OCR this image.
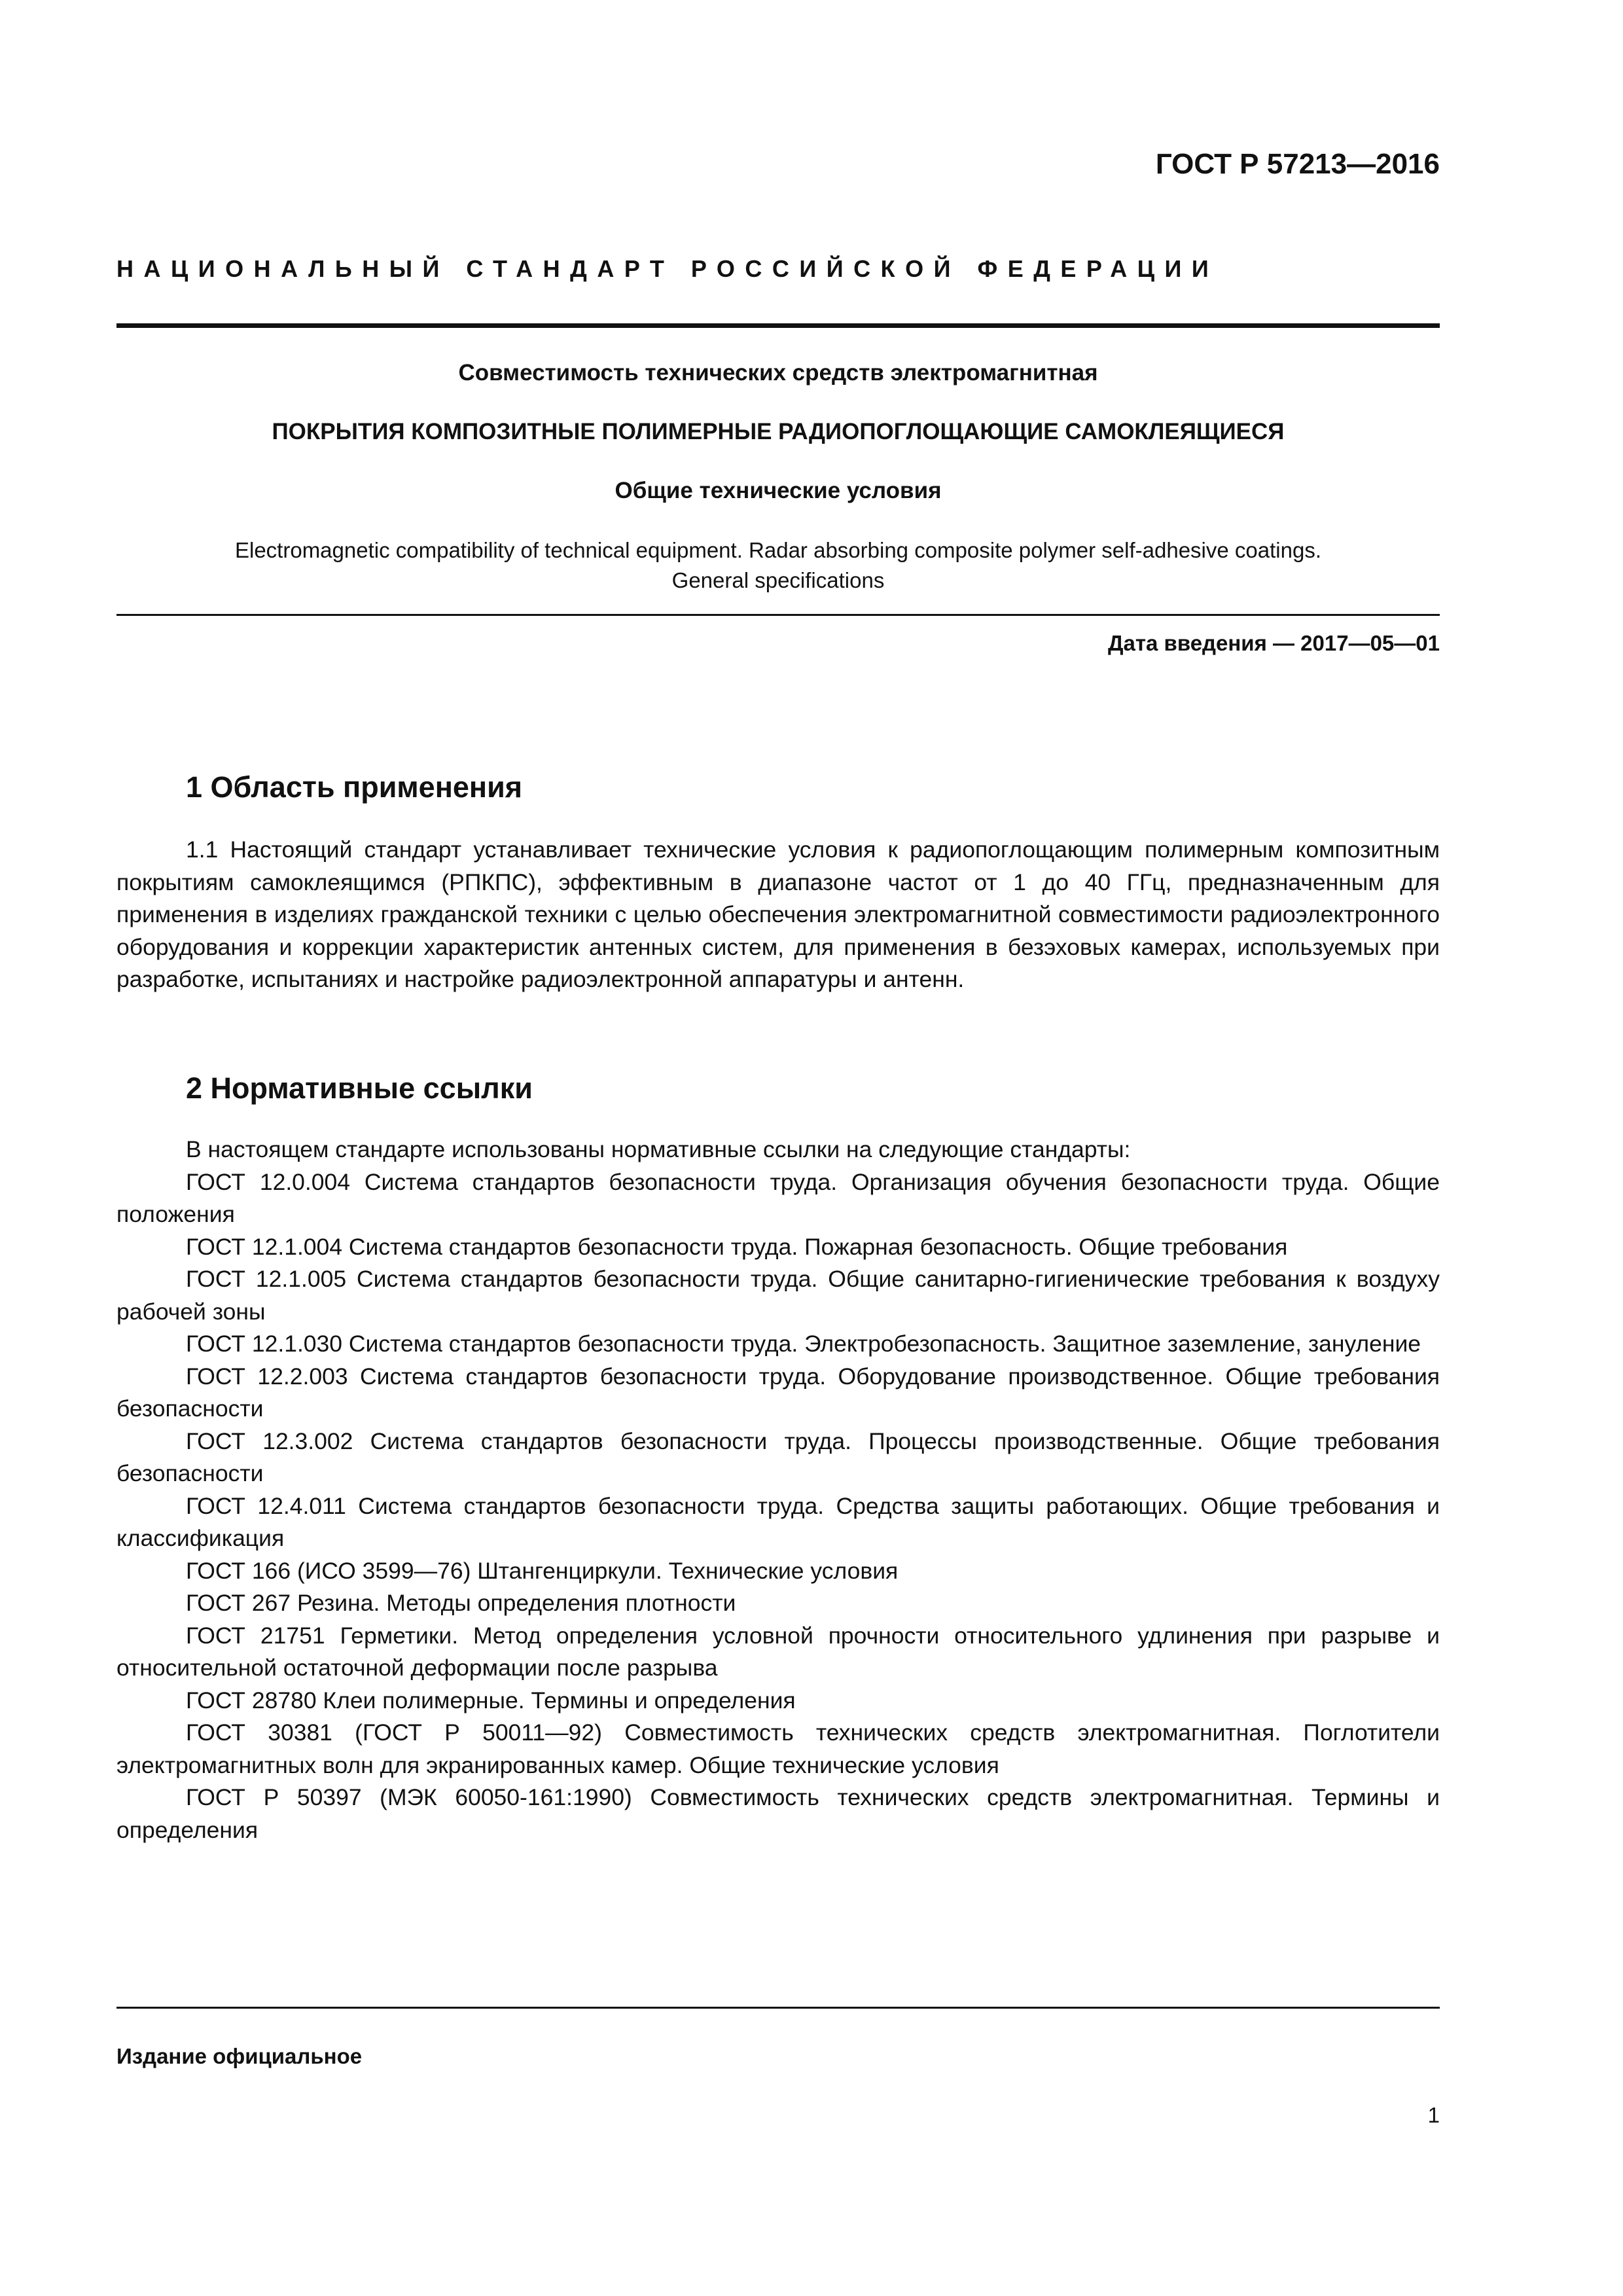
ГОСТ Р 57213—2016
НАЦИОНАЛЬНЫЙ СТАНДАРТ РОССИЙСКОЙ ФЕДЕРАЦИИ
Совместимость технических средств электромагнитная
ПОКРЫТИЯ КОМПОЗИТНЫЕ ПОЛИМЕРНЫЕ РАДИОПОГЛОЩАЮЩИЕ САМОКЛЕЯЩИЕСЯ
Общие технические условия
Electromagnetic compatibility of technical equipment. Radar absorbing composite polymer self-adhesive coatings.
General specifications
Дата введения — 2017—05—01
1 Область применения

1.1 Настоящий стандарт устанавливает технические условия к радиопоглощающим полимерным композитным покрытиям самоклеящимся (РПКПС), эффективным в диапазоне частот от 1 до 40 ГГц, предназначенным для применения в изделиях гражданской техники с целью обеспечения электромагнитной совместимости радиоэлектронного оборудования и коррекции характеристик антенных систем, для применения в безэховых камерах, используемых при разработке, испытаниях и настройке радиоэлектронной аппаратуры и антенн.

2 Нормативные ссылки

В настоящем стандарте использованы нормативные ссылки на следующие стандарты:

ГОСТ 12.0.004 Система стандартов безопасности труда. Организация обучения безопасности труда. Общие положения

ГОСТ 12.1.004 Система стандартов безопасности труда. Пожарная безопасность. Общие требования

ГОСТ 12.1.005 Система стандартов безопасности труда. Общие санитарно-гигиенические требования к воздуху рабочей зоны

ГОСТ 12.1.030 Система стандартов безопасности труда. Электробезопасность. Защитное заземление, зануление

ГОСТ 12.2.003 Система стандартов безопасности труда. Оборудование производственное. Общие требования безопасности

ГОСТ 12.3.002 Система стандартов безопасности труда. Процессы производственные. Общие требования безопасности

ГОСТ 12.4.011 Система стандартов безопасности труда. Средства защиты работающих. Общие требования и классификация

ГОСТ 166 (ИСО 3599—76) Штангенциркули. Технические условия

ГОСТ 267 Резина. Методы определения плотности

ГОСТ 21751 Герметики. Метод определения условной прочности относительного удлинения при разрыве и относительной остаточной деформации после разрыва

ГОСТ 28780 Клеи полимерные. Термины и определения

ГОСТ 30381 (ГОСТ Р 50011—92) Совместимость технических средств электромагнитная. Поглотители электромагнитных волн для экранированных камер. Общие технические условия

ГОСТ Р 50397 (МЭК 60050-161:1990) Совместимость технических средств электромагнитная. Термины и определения

Издание официальное
1
